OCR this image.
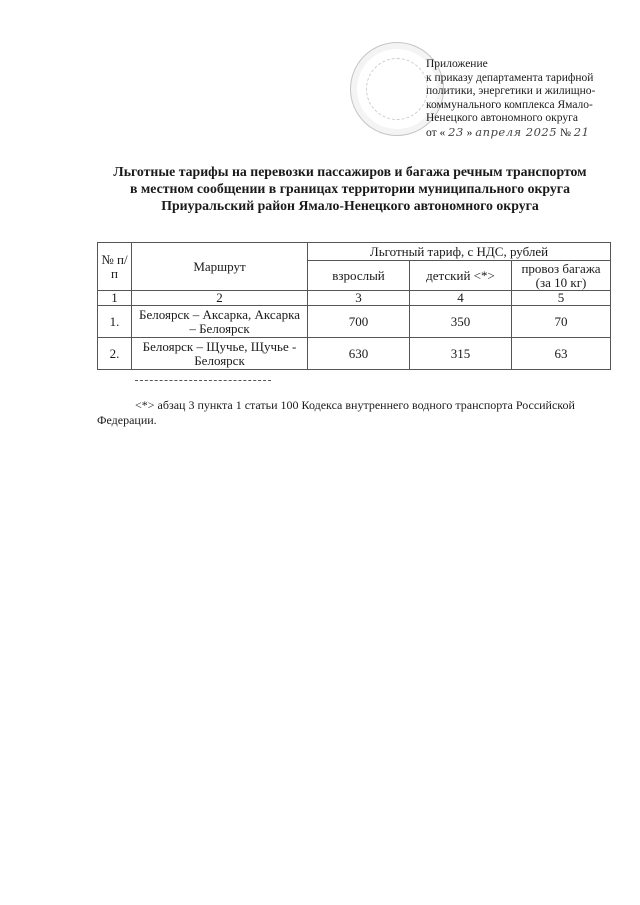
Приложение
к приказу департамента тарифной
политики, энергетики и жилищно-
коммунального комплекса Ямало-
Ненецкого автономного округа
от « 23 » апреля 2025 № 21
Льготные тарифы на перевозки пассажиров и багажа речным транспортом
в местном сообщении в границах территории муниципального округа
Приуральский район Ямало-Ненецкого автономного округа
№ п/п	Маршрут	Льготный тариф, с НДС, рублей		
		взрослый	детский <*>	провоз багажа (за 10 кг)
1	2	3	4	5
1.	Белоярск – Аксарка, Аксарка – Белоярск	700	350	70
2.	Белоярск – Щучье, Щучье - Белоярск	630	315	63
<*> абзац 3 пункта 1 статьи 100 Кодекса внутреннего водного транспорта Российской Федерации.
